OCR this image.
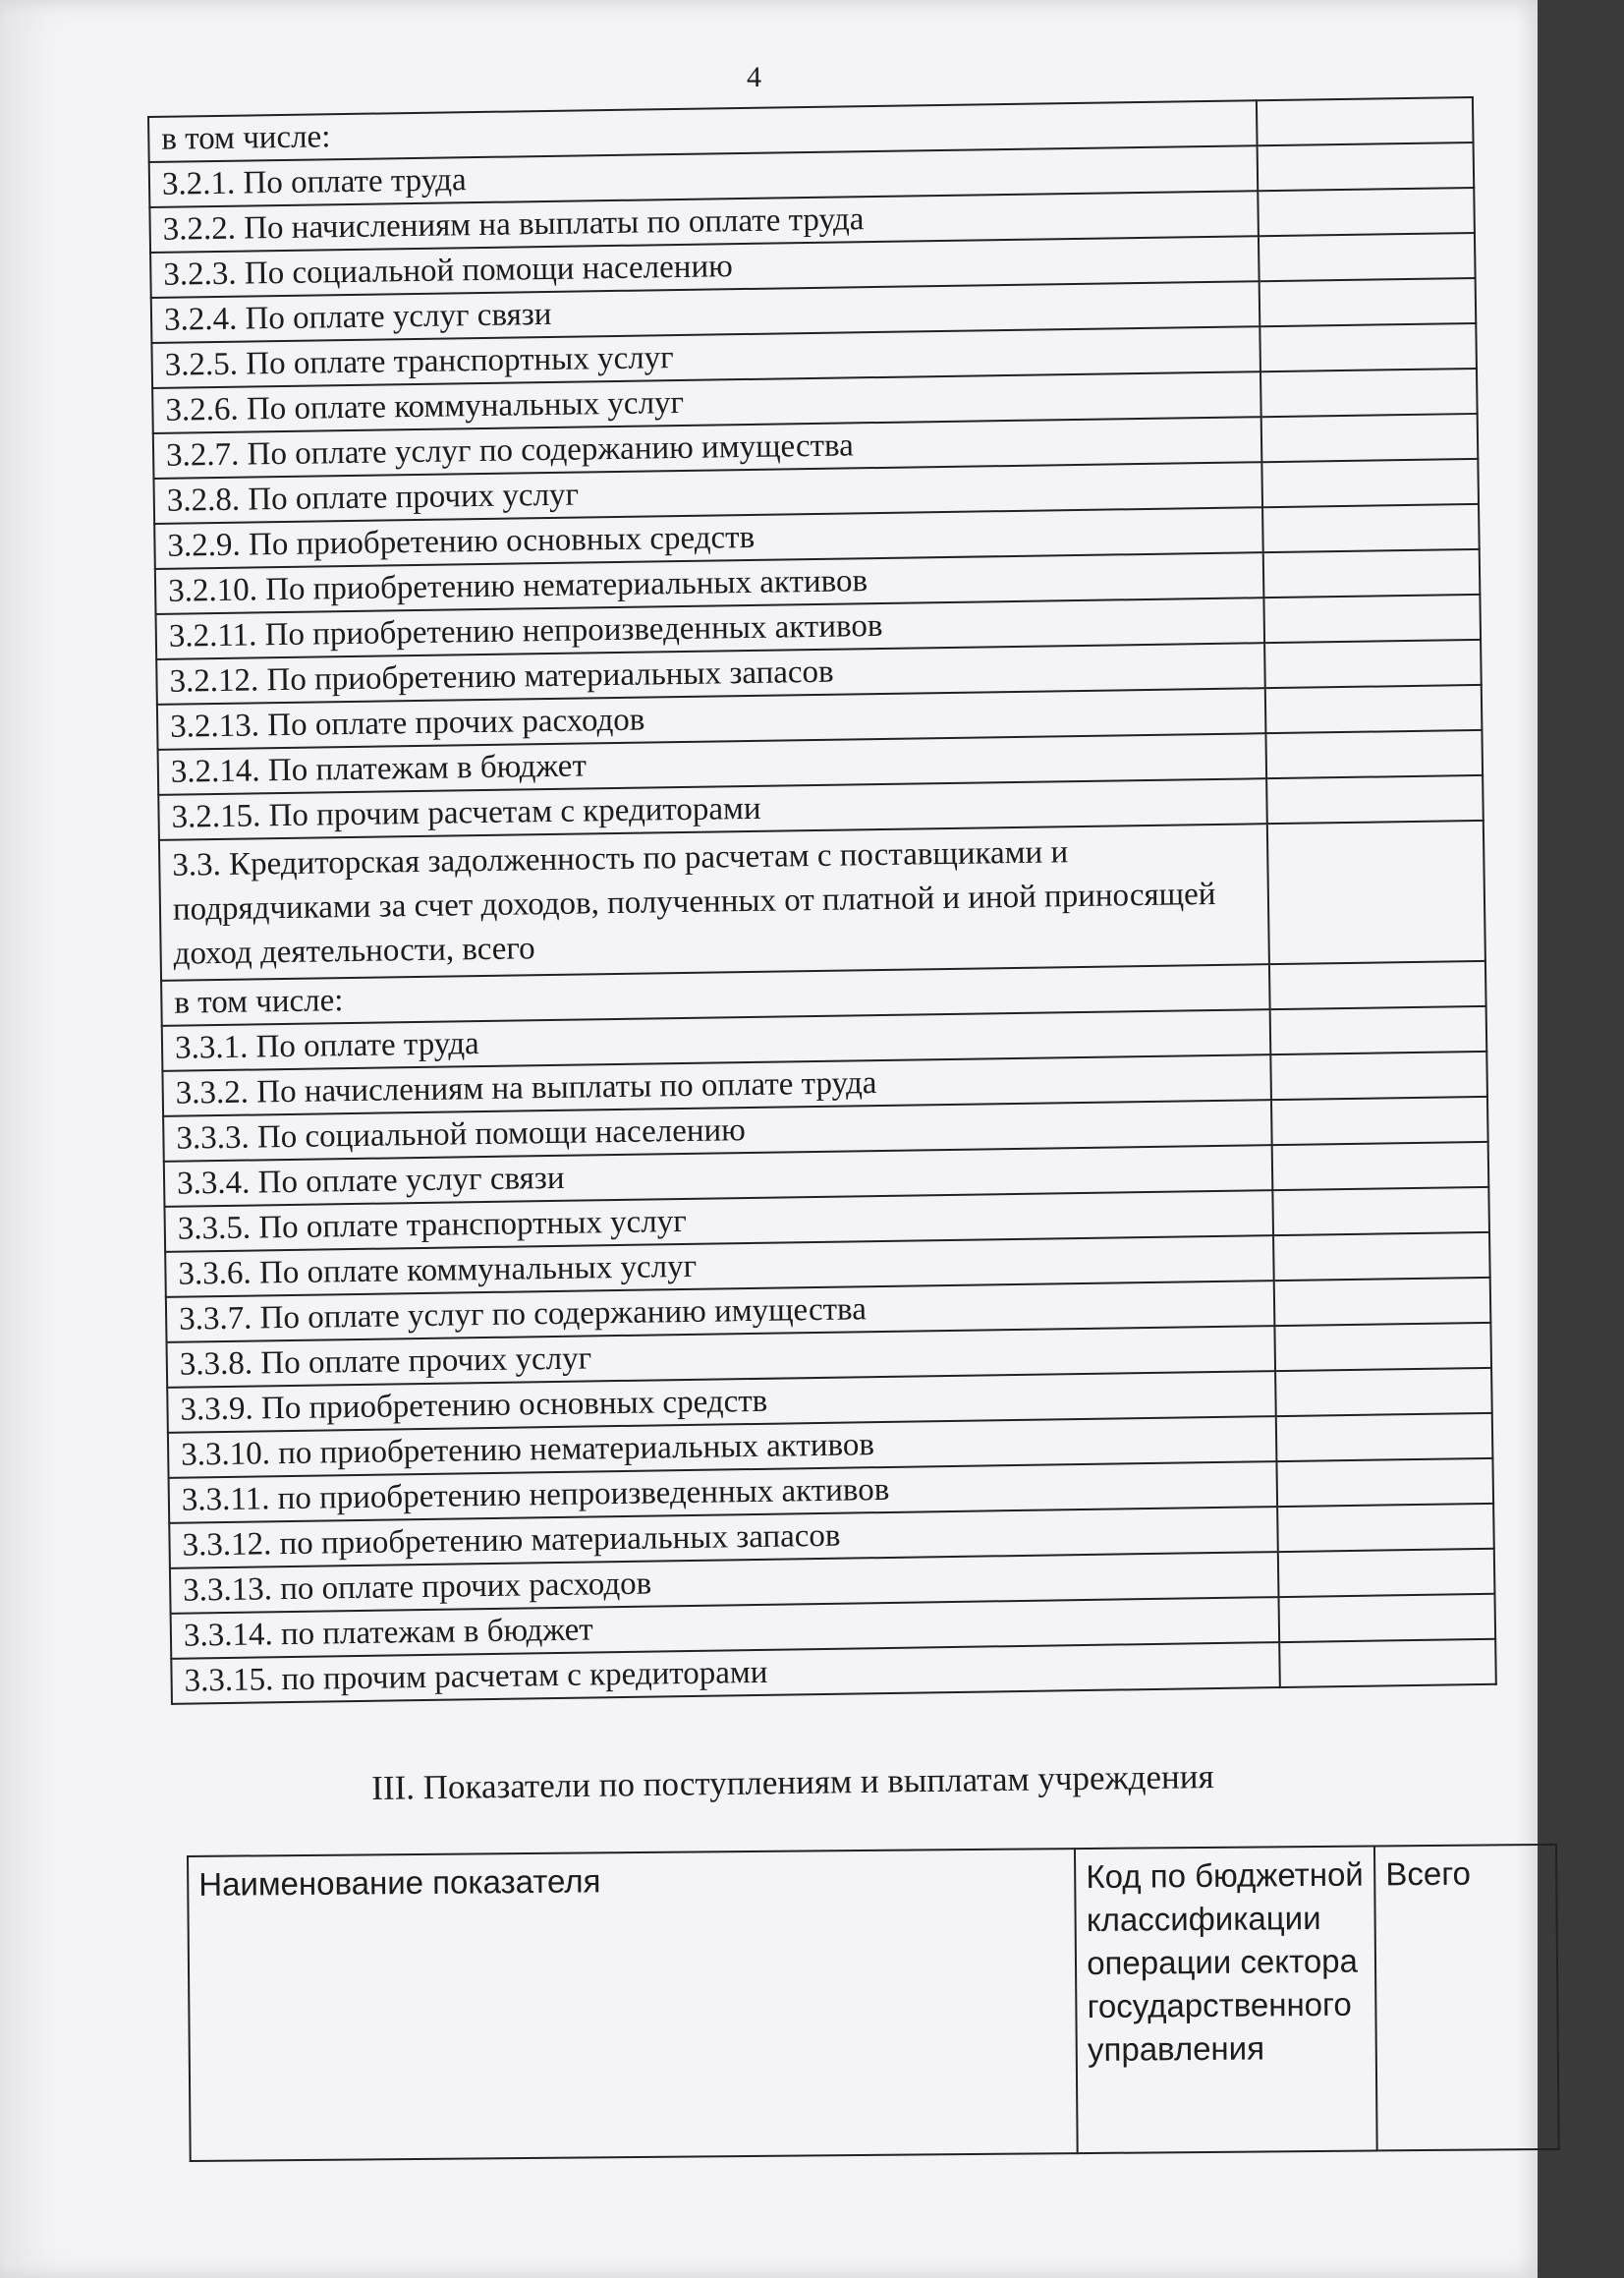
4
в том числе:	
3.2.1. По оплате труда	
3.2.2. По начислениям на выплаты по оплате труда	
3.2.3. По социальной помощи населению	
3.2.4. По оплате услуг связи	
3.2.5. По оплате транспортных услуг	
3.2.6. По оплате коммунальных услуг	
3.2.7. По оплате услуг по содержанию имущества	
3.2.8. По оплате прочих услуг	
3.2.9. По приобретению основных средств	
3.2.10. По приобретению нематериальных активов	
3.2.11. По приобретению непроизведенных активов	
3.2.12. По приобретению материальных запасов	
3.2.13. По оплате прочих расходов	
3.2.14. По платежам в бюджет	
3.2.15. По прочим расчетам с кредиторами	
3.3. Кредиторская задолженность по расчетам с поставщиками и подрядчиками за счет доходов, полученных от платной и иной приносящей доход деятельности, всего	
в том числе:	
3.3.1. По оплате труда	
3.3.2. По начислениям на выплаты по оплате труда	
3.3.3. По социальной помощи населению	
3.3.4. По оплате услуг связи	
3.3.5. По оплате транспортных услуг	
3.3.6. По оплате коммунальных услуг	
3.3.7. По оплате услуг по содержанию имущества	
3.3.8. По оплате прочих услуг	
3.3.9. По приобретению основных средств	
3.3.10. по приобретению нематериальных активов	
3.3.11. по приобретению непроизведенных активов	
3.3.12. по приобретению материальных запасов	
3.3.13. по оплате прочих расходов	
3.3.14. по платежам в бюджет	
3.3.15. по прочим расчетам с кредиторами	
III. Показатели по поступлениям и выплатам учреждения
Наименование показателя	Код по бюджетной классификации операции сектора государственного управления	Всего
